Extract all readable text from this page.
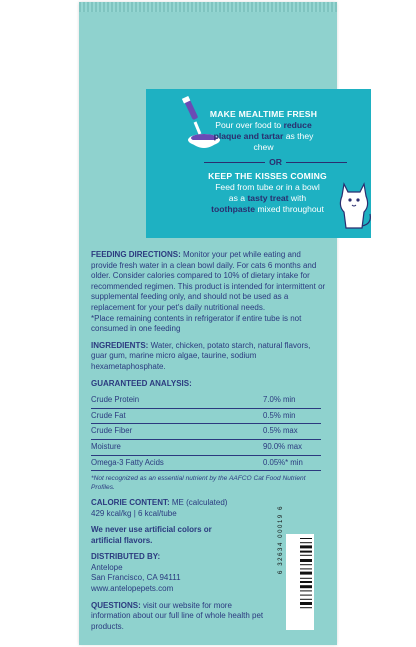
MAKE MEALTIME FRESH
Pour over food to reduce
plaque and tartar as they
chew
OR
KEEP THE KISSES COMING
Feed from tube or in a bowl
as a tasty treat with
toothpaste mixed throughout

FEEDING DIRECTIONS: Monitor your pet while eating and provide fresh water in a clean bowl daily. For cats 6 months and older. Consider calories compared to 10% of dietary intake for recommended regimen. This product is intended for intermittent or supplemental feeding only, and should not be used as a replacement for your pet's daily nutritional needs.

*Place remaining contents in refrigerator if entire tube is not consumed in one feeding

INGREDIENTS: Water, chicken, potato starch, natural flavors, guar gum, marine micro algae, taurine, sodium hexametaphosphate.

GUARANTEED ANALYSIS:

Crude Protein	7.0% min
Crude Fat	0.5% min
Crude Fiber	0.5% max
Moisture	90.0% max
Omega-3 Fatty Acids	0.05%* min

*Not recognized as an essential nutrient by the AAFCO Cat Food Nutrient Profiles.

CALORIE CONTENT: ME (calculated)

429 kcal/kg | 6 kcal/tube

We never use artificial colors or

artificial flavors.

DISTRIBUTED BY:

Antelope

San Francisco, CA 94111

www.antelopepets.com

QUESTIONS: visit our website for more information about our full line of whole health pet products.

6 32634 00019 6
